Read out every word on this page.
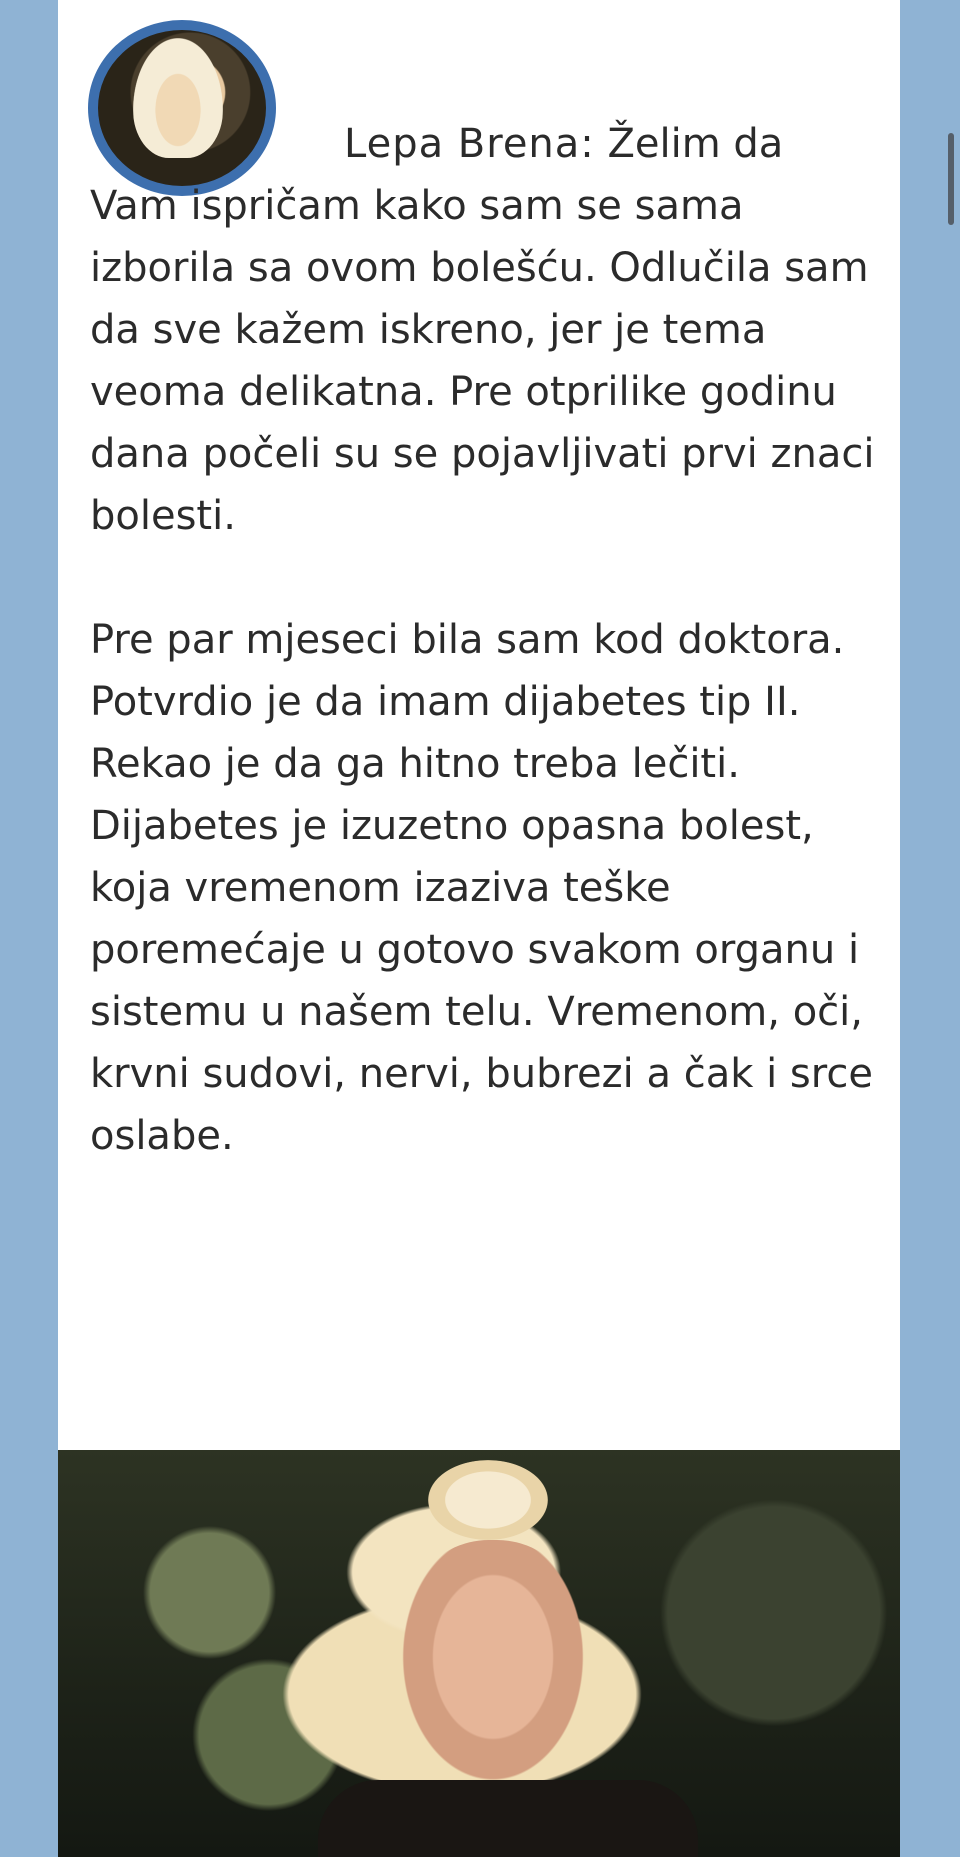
Lepa Brena: Želim da Vam ispričam kako sam se sama izborila sa ovom bolešću. Odlučila sam da sve kažem iskreno, jer je tema veoma delikatna. Pre otprilike godinu dana počeli su se pojavljivati prvi znaci bolesti.

Pre par mjeseci bila sam kod doktora. Potvrdio je da imam dijabetes tip II. Rekao je da ga hitno treba lečiti. Dijabetes je izuzetno opasna bolest, koja vremenom izaziva teške poremećaje u gotovo svakom organu i sistemu u našem telu. Vremenom, oči, krvni sudovi, nervi, bubrezi a čak i srce oslabe.
